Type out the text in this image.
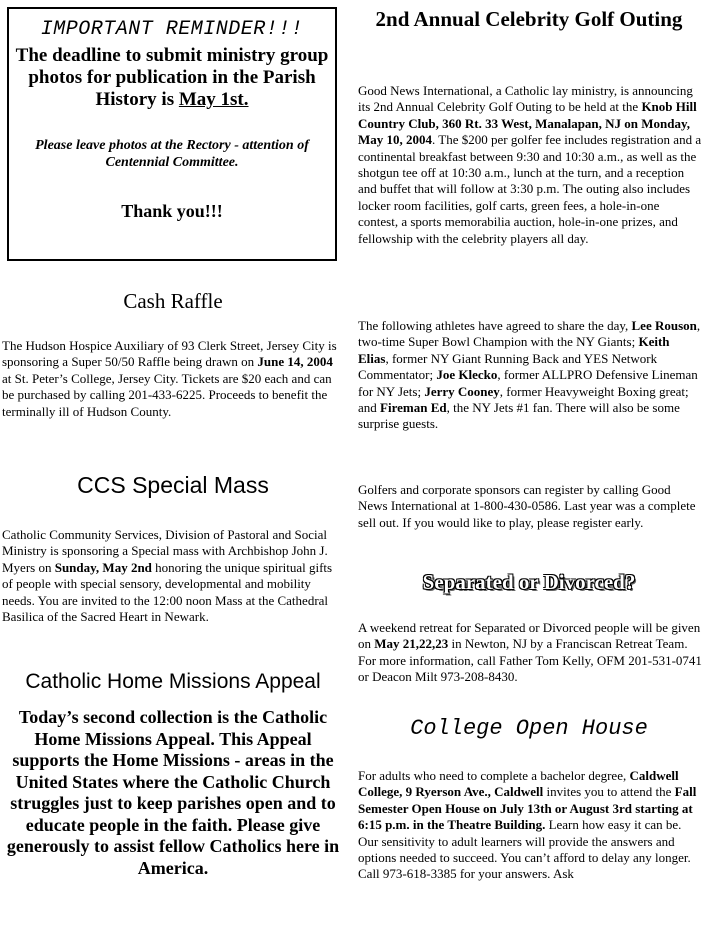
IMPORTANT REMINDER!!!
The deadline to submit ministry group photos for publication in the Parish History is May 1st.
Please leave photos at the Rectory - attention of Centennial Committee.
Thank you!!!
Cash Raffle

The Hudson Hospice Auxiliary of 93 Clerk Street, Jersey City is sponsoring a Super 50/50 Raffle being drawn on June 14, 2004 at St. Peter’s College, Jersey City. Tickets are $20 each and can be purchased by calling 201-433-6225. Proceeds to benefit the terminally ill of Hudson County.

CCS Special Mass

Catholic Community Services, Division of Pastoral and Social Ministry is sponsoring a Special mass with Archbishop John J. Myers on Sunday, May 2nd honoring the unique spiritual gifts of people with special sensory, developmental and mobility needs. You are invited to the 12:00 noon Mass at the Cathedral Basilica of the Sacred Heart in Newark.

Catholic Home Missions Appeal

Today’s second collection is the Catholic Home Missions Appeal. This Appeal supports the Home Missions - areas in the United States where the Catholic Church struggles just to keep parishes open and to educate people in the faith. Please give generously to assist fellow Catholics here in America.

2nd Annual Celebrity Golf Outing

Good News International, a Catholic lay ministry, is announcing its 2nd Annual Celebrity Golf Outing to be held at the Knob Hill Country Club, 360 Rt. 33 West, Manalapan, NJ on Monday, May 10, 2004. The $200 per golfer fee includes registration and a continental breakfast between 9:30 and 10:30 a.m., as well as the shotgun tee off at 10:30 a.m., lunch at the turn, and a reception and buffet that will follow at 3:30 p.m. The outing also includes locker room facilities, golf carts, green fees, a hole-in-one contest, a sports memorabilia auction, hole-in-one prizes, and fellowship with the celebrity players all day.

The following athletes have agreed to share the day, Lee Rouson, two-time Super Bowl Champion with the NY Giants; Keith Elias, former NY Giant Running Back and YES Network Commentator; Joe Klecko, former ALLPRO Defensive Lineman for NY Jets; Jerry Cooney, former Heavyweight Boxing great; and Fireman Ed, the NY Jets #1 fan. There will also be some surprise guests.

Golfers and corporate sponsors can register by calling Good News International at 1-800-430-0586. Last year was a complete sell out. If you would like to play, please register early.

Separated or Divorced?

A weekend retreat for Separated or Divorced people will be given on May 21,22,23 in Newton, NJ by a Franciscan Retreat Team. For more information, call Father Tom Kelly, OFM 201-531-0741 or Deacon Milt 973-208-8430.

College Open House

For adults who need to complete a bachelor degree, Caldwell College, 9 Ryerson Ave., Caldwell invites you to attend the Fall Semester Open House on July 13th or August 3rd starting at 6:15 p.m. in the Theatre Building. Learn how easy it can be. Our sensitivity to adult learners will provide the answers and options needed to succeed. You can’t afford to delay any longer. Call 973-618-3385 for your answers. Ask
